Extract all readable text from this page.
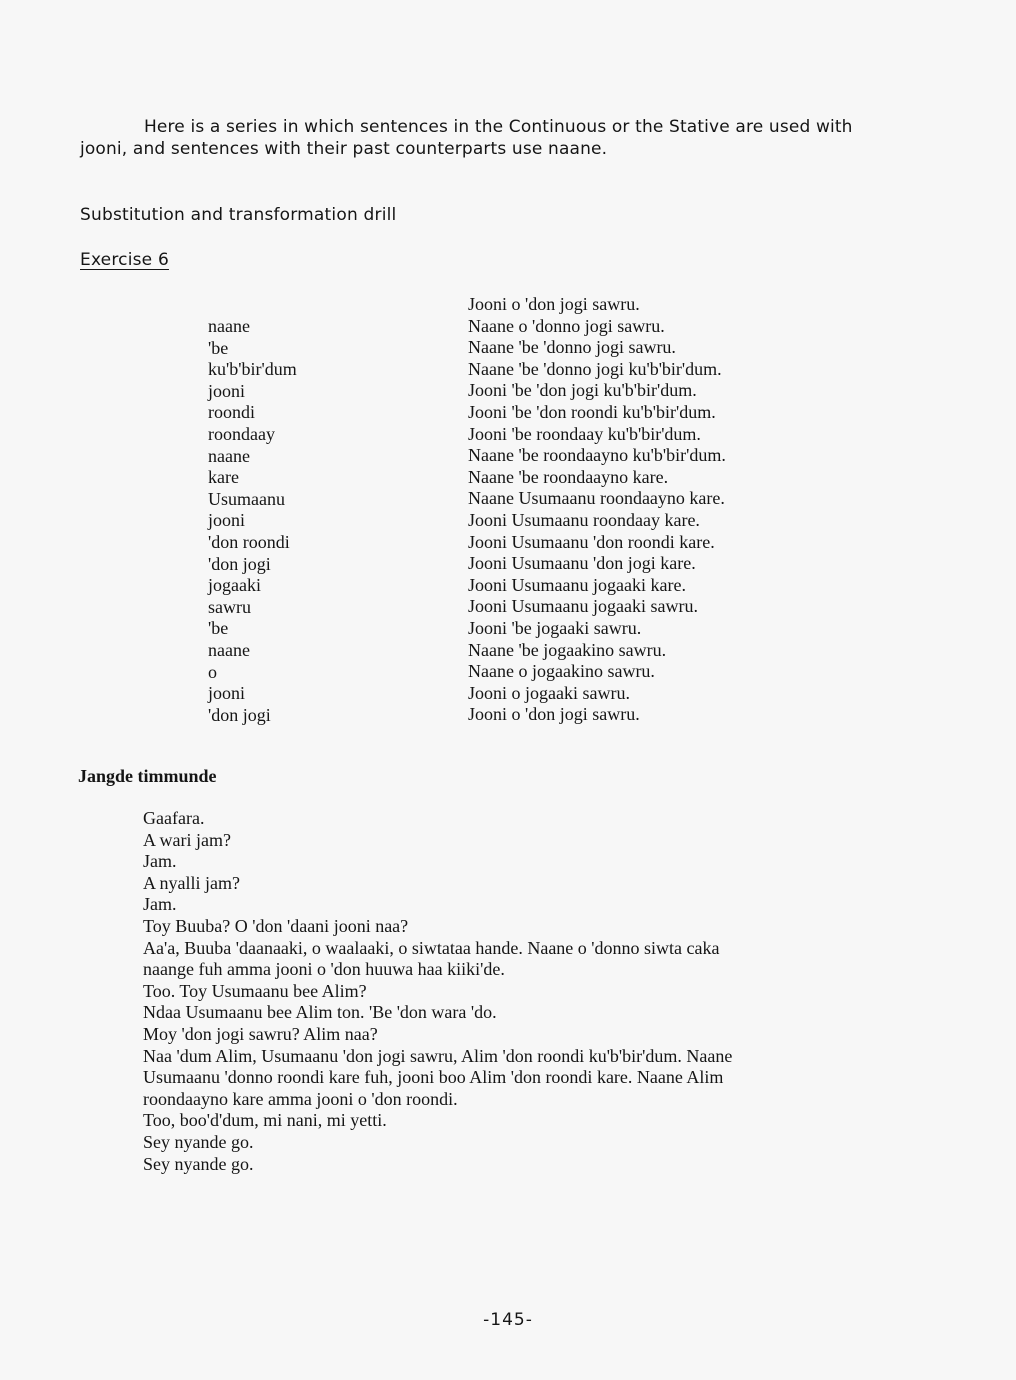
Here is a series in which sentences in the Continuous or the Stative are used with
jooni, and sentences with their past counterparts use naane.

Substitution and transformation drill
Exercise 6
naane
'be
ku'b'bir'dum
jooni
roondi
roondaay
naane
kare
Usumaanu
jooni
'don roondi
'don jogi
jogaaki
sawru
'be
naane
o
jooni
'don jogi
Jooni o 'don jogi sawru.
Naane o 'donno jogi sawru.
Naane 'be 'donno jogi sawru.
Naane 'be 'donno jogi ku'b'bir'dum.
Jooni 'be 'don jogi ku'b'bir'dum.
Jooni 'be 'don roondi ku'b'bir'dum.
Jooni 'be roondaay ku'b'bir'dum.
Naane 'be roondaayno ku'b'bir'dum.
Naane 'be roondaayno kare.
Naane Usumaanu roondaayno kare.
Jooni Usumaanu roondaay kare.
Jooni Usumaanu 'don roondi kare.
Jooni Usumaanu 'don jogi kare.
Jooni Usumaanu jogaaki kare.
Jooni Usumaanu jogaaki sawru.
Jooni 'be jogaaki sawru.
Naane 'be jogaakino sawru.
Naane o jogaakino sawru.
Jooni o jogaaki sawru.
Jooni o 'don jogi sawru.
Jangde timmunde
Gaafara.
A wari jam?
Jam.
A nyalli jam?
Jam.
Toy Buuba? O 'don 'daani jooni naa?
Aa'a, Buuba 'daanaaki, o waalaaki, o siwtataa hande. Naane o 'donno siwta caka
naange fuh amma jooni o 'don huuwa haa kiiki'de.
Too. Toy Usumaanu bee Alim?
Ndaa Usumaanu bee Alim ton. 'Be 'don wara 'do.
Moy 'don jogi sawru? Alim naa?
Naa 'dum Alim, Usumaanu 'don jogi sawru, Alim 'don roondi ku'b'bir'dum. Naane
Usumaanu 'donno roondi kare fuh, jooni boo Alim 'don roondi kare. Naane Alim
roondaayno kare amma jooni o 'don roondi.
Too, boo'd'dum, mi nani, mi yetti.
Sey nyande go.
Sey nyande go.
-145-
